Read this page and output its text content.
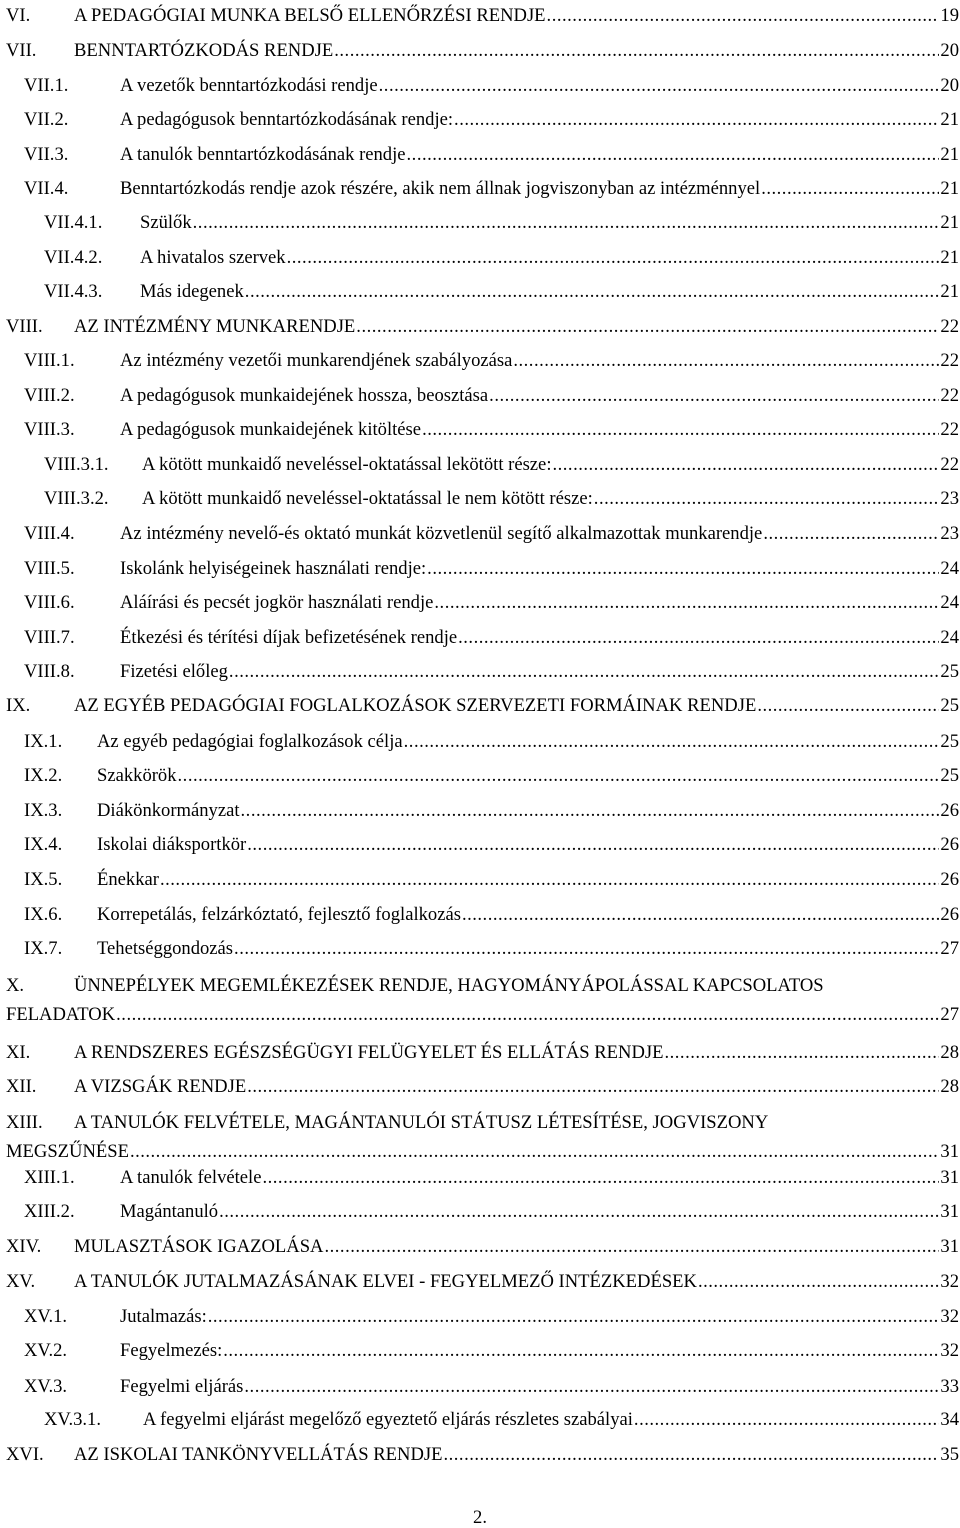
VI.	A PEDAGÓGIAI MUNKA BELSŐ ELLENŐRZÉSI RENDJE .....	19
VII.	BENNTARTÓZKODÁS RENDJE .....	20
VII.1.	A vezetők benntartózkodási rendje .....	20
VII.2.	A pedagógusok benntartózkodásának rendje: .....	21
VII.3.	A tanulók benntartózkodásának rendje .....	21
VII.4.	Benntartózkodás rendje azok részére, akik nem állnak jogviszonyban az intézménnyel .....	21
VII.4.1.	Szülők .....	21
VII.4.2.	A hivatalos szervek .....	21
VII.4.3.	Más idegenek .....	21
VIII.	AZ INTÉZMÉNY MUNKARENDJE .....	22
VIII.1.	Az intézmény vezetői munkarendjének szabályozása .....	22
VIII.2.	A pedagógusok munkaidejének hossza, beosztása .....	22
VIII.3.	A pedagógusok munkaidejének kitöltése .....	22
VIII.3.1.	A kötött munkaidő neveléssel-oktatással lekötött része: .....	22
VIII.3.2.	A kötött munkaidő neveléssel-oktatással le nem kötött része: .....	23
VIII.4.	Az intézmény nevelő-és oktató munkát közvetlenül segítő alkalmazottak munkarendje .....	23
VIII.5.	Iskolánk helyiségeinek használati rendje: .....	24
VIII.6.	Aláírási és pecsét jogkör használati rendje .....	24
VIII.7.	Étkezési és térítési díjak befizetésének rendje .....	24
VIII.8.	Fizetési előleg .....	25
IX.	AZ EGYÉB PEDAGÓGIAI FOGLALKOZÁSOK SZERVEZETI FORMÁINAK RENDJE .....	25
IX.1.	Az egyéb pedagógiai foglalkozások célja .....	25
IX.2.	Szakkörök .....	25
IX.3.	Diákönkormányzat .....	26
IX.4.	Iskolai diáksportkör .....	26
IX.5.	Énekkar .....	26
IX.6.	Korrepetálás, felzárkóztató, fejlesztő foglalkozás .....	26
IX.7.	Tehetséggondozás .....	27
X.	ÜNNEPÉLYEK MEGEMLÉKEZÉSEK RENDJE, HAGYOMÁNYÁPOLÁSSAL KAPCSOLATOS
FELADATOK .....	27
XI.	A RENDSZERES EGÉSZSÉGÜGYI FELÜGYELET ÉS ELLÁTÁS RENDJE .....	28
XII.	A VIZSGÁK RENDJE .....	28
XIII. A TANULÓK FELVÉTELE, MAGÁNTANULÓI STÁTUSZ LÉTESÍTÉSE, JOGVISZONY
MEGSZŰNÉSE .....	31
XIII.1.	A tanulók felvétele .....	31
XIII.2.	Magántanuló .....	31
XIV.	MULASZTÁSOK IGAZOLÁSA .....	31
XV.	A TANULÓK JUTALMAZÁSÁNAK ELVEI - FEGYELMEZŐ INTÉZKEDÉSEK .....	32
XV.1.	Jutalmazás: .....	32
XV.2.	Fegyelmezés: .....	32
XV.3.	Fegyelmi eljárás .....	33
XV.3.1.	A fegyelmi eljárást megelőző egyeztető eljárás részletes szabályai .....	34
XVI.	AZ ISKOLAI TANKÖNYVELLÁTÁS RENDJE .....	35
2.
